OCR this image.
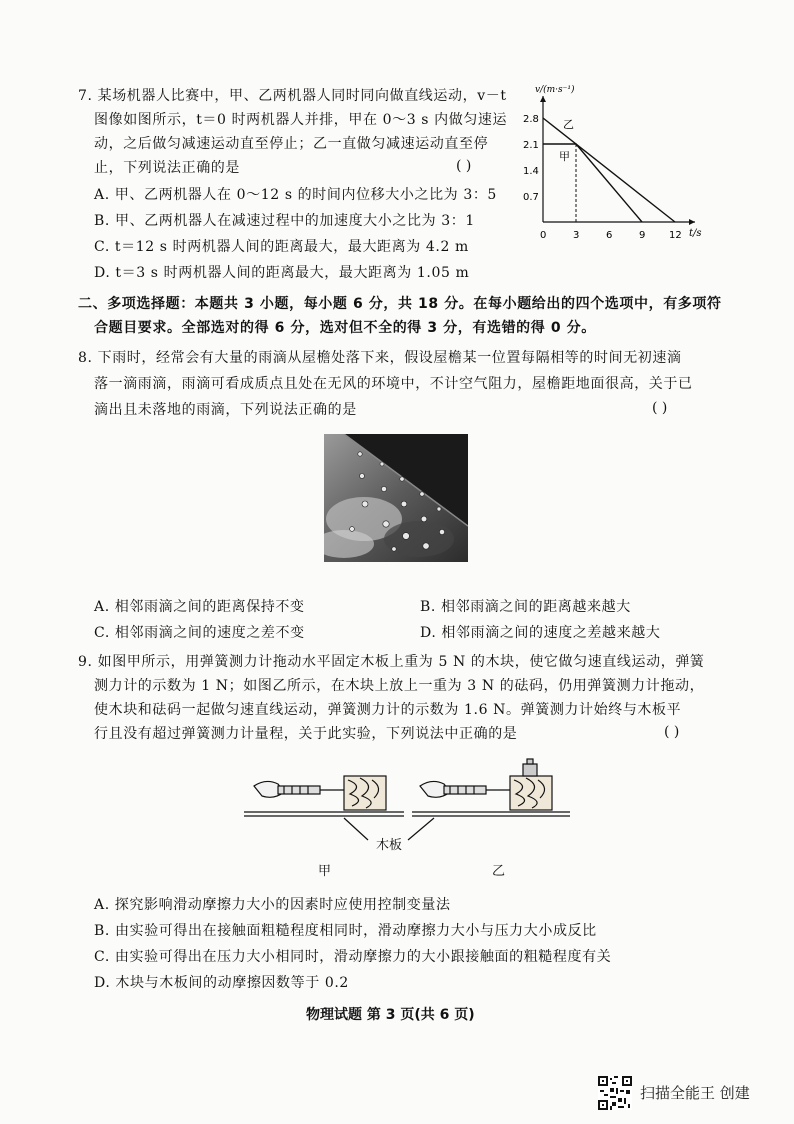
7. 某场机器人比赛中，甲、乙两机器人同时同向做直线运动，v－t
图像如图所示，t＝0 时两机器人并排，甲在 0～3 s 内做匀速运
动，之后做匀减速运动直至停止；乙一直做匀减速运动直至停
止，下列说法正确的是	( )
A. 甲、乙两机器人在 0～12 s 的时间内位移大小之比为 3：5
B. 甲、乙两机器人在减速过程中的加速度大小之比为 3：1
C. t＝12 s 时两机器人间的距离最大，最大距离为 4.2 m
D. t＝3 s 时两机器人间的距离最大，最大距离为 1.05 m
v/(m·s⁻¹)
t/s
0	3	6	9 12
2.8
2.1
1.4
0.7
甲
乙
二、多项选择题：本题共 3 小题，每小题 6 分，共 18 分。在每小题给出的四个选项中，有多项符
合题目要求。全部选对的得 6 分，选对但不全的得 3 分，有选错的得 0 分。
8. 下雨时，经常会有大量的雨滴从屋檐处落下来，假设屋檐某一位置每隔相等的时间无初速滴
落一滴雨滴，雨滴可看成质点且处在无风的环境中，不计空气阻力，屋檐距地面很高，关于已
滴出且未落地的雨滴，下列说法正确的是	( )
A. 相邻雨滴之间的距离保持不变	B. 相邻雨滴之间的距离越来越大
C. 相邻雨滴之间的速度之差不变	D. 相邻雨滴之间的速度之差越来越大
9. 如图甲所示，用弹簧测力计拖动水平固定木板上重为 5 N 的木块，使它做匀速直线运动，弹簧
测力计的示数为 1 N；如图乙所示，在木块上放上一重为 3 N 的砝码，仍用弹簧测力计拖动，
使木块和砝码一起做匀速直线运动，弹簧测力计的示数为 1.6 N。弹簧测力计始终与木板平
行且没有超过弹簧测力计量程，关于此实验，下列说法中正确的是	( )
木板
甲	乙
A. 探究影响滑动摩擦力大小的因素时应使用控制变量法
B. 由实验可得出在接触面粗糙程度相同时，滑动摩擦力大小与压力大小成反比
C. 由实验可得出在压力大小相同时，滑动摩擦力的大小跟接触面的粗糙程度有关
D. 木块与木板间的动摩擦因数等于 0.2
物理试题 第 3 页(共 6 页)
扫描全能王 创建
